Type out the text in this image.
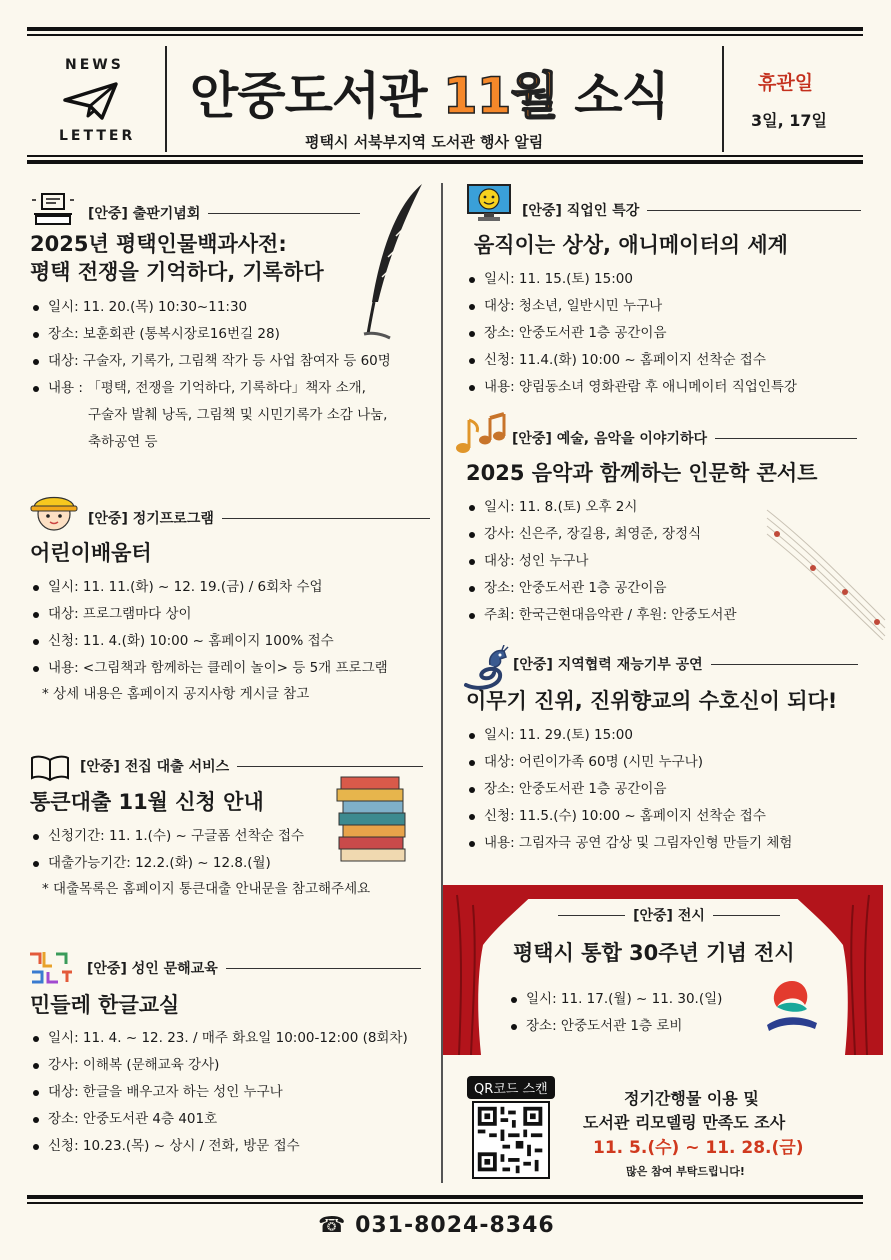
NEWS
LETTER
안중도서관 11월 소식
평택시 서북부지역 도서관 행사 알림
휴관일
3일, 17일
[안중] 출판기념회
2025년 평택인물백과사전:
평택 전쟁을 기억하다, 기록하다
일시: 11. 20.(목) 10:30~11:30
장소: 보훈회관 (통복시장로16번길 28)
대상: 구술자, 기록가, 그림책 작가 등 사업 참여자 등 60명
내용 : 「평택, 전쟁을 기억하다, 기록하다」책자 소개,
구술자 발췌 낭독, 그림책 및 시민기록가 소감 나눔,
축하공연 등
[안중] 정기프로그램
어린이배움터
일시: 11. 11.(화) ~ 12. 19.(금) / 6회차 수업
대상: 프로그램마다 상이
신청: 11. 4.(화) 10:00 ~ 홈페이지 100% 접수
내용: <그림책과 함께하는 클레이 놀이> 등 5개 프로그램
* 상세 내용은 홈페이지 공지사항 게시글 참고
[안중] 전집 대출 서비스
통큰대출 11월 신청 안내
신청기간: 11. 1.(수) ~ 구글폼 선착순 접수
대출가능기간: 12.2.(화) ~ 12.8.(월)
* 대출목록은 홈페이지 통큰대출 안내문을 참고해주세요
[안중] 성인 문해교육
민들레 한글교실
일시: 11. 4. ~ 12. 23. / 매주 화요일 10:00-12:00 (8회차)
강사: 이해복 (문해교육 강사)
대상: 한글을 배우고자 하는 성인 누구나
장소: 안중도서관 4층 401호
신청: 10.23.(목) ~ 상시 / 전화, 방문 접수
[안중] 직업인 특강
움직이는 상상, 애니메이터의 세계
일시: 11. 15.(토) 15:00
대상: 청소년, 일반시민 누구나
장소: 안중도서관 1층 공간이음
신청: 11.4.(화) 10:00 ~ 홈페이지 선착순 접수
내용: 양림동소녀 영화관람 후 애니메이터 직업인특강
[안중] 예술, 음악을 이야기하다
2025 음악과 함께하는 인문학 콘서트
일시: 11. 8.(토) 오후 2시
강사: 신은주, 장길용, 최영준, 장정식
대상: 성인 누구나
장소: 안중도서관 1층 공간이음
주최: 한국근현대음악관 / 후원: 안중도서관
[안중] 지역협력 재능기부 공연
이무기 진위, 진위향교의 수호신이 되다!
일시: 11. 29.(토) 15:00
대상: 어린이가족 60명 (시민 누구나)
장소: 안중도서관 1층 공간이음
신청: 11.5.(수) 10:00 ~ 홈페이지 선착순 접수
내용: 그림자극 공연 감상 및 그림자인형 만들기 체험
[안중] 전시
평택시 통합 30주년 기념 전시
일시: 11. 17.(월) ~ 11. 30.(일)
장소: 안중도서관 1층 로비
QR코드 스캔	정기간행물 이용 및
도서관 리모델링 만족도 조사
11. 5.(수) ~ 11. 28.(금)
많은 참여 부탁드립니다!
☎ 031-8024-8346
